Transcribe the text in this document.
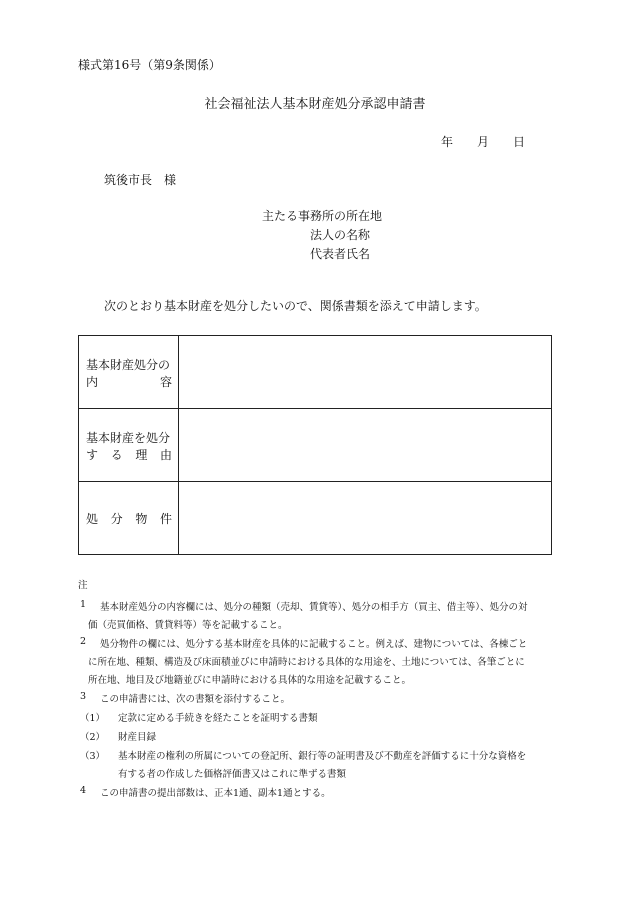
様式第16号（第9条関係）
社会福祉法人基本財産処分承認申請書
年 月 日
筑後市長　様
主たる事務所の所在地
法人の名称
代表者氏名
次のとおり基本財産を処分したいので、関係書類を添えて申請します。
基本財産処分の
内	容
基本財産を処分
す る 理 由
処 分 物 件
注
1 基本財産処分の内容欄には、処分の種類（売却、賃貸等）、処分の相手方（買主、借主等）、処分の対
価（売買価格、賃貸料等）等を記載すること。
2 処分物件の欄には、処分する基本財産を具体的に記載すること。例えば、建物については、各棟ごと
に所在地、種類、構造及び床面積並びに申請時における具体的な用途を、土地については、各筆ごとに
所在地、地目及び地籍並びに申請時における具体的な用途を記載すること。
3 この申請書には、次の書類を添付すること。
（1） 定款に定める手続きを経たことを証明する書類
（2） 財産目録
（3） 基本財産の権利の所属についての登記所、銀行等の証明書及び不動産を評価するに十分な資格を
有する者の作成した価格評価書又はこれに準ずる書類
4 この申請書の提出部数は、正本1通、副本1通とする。
